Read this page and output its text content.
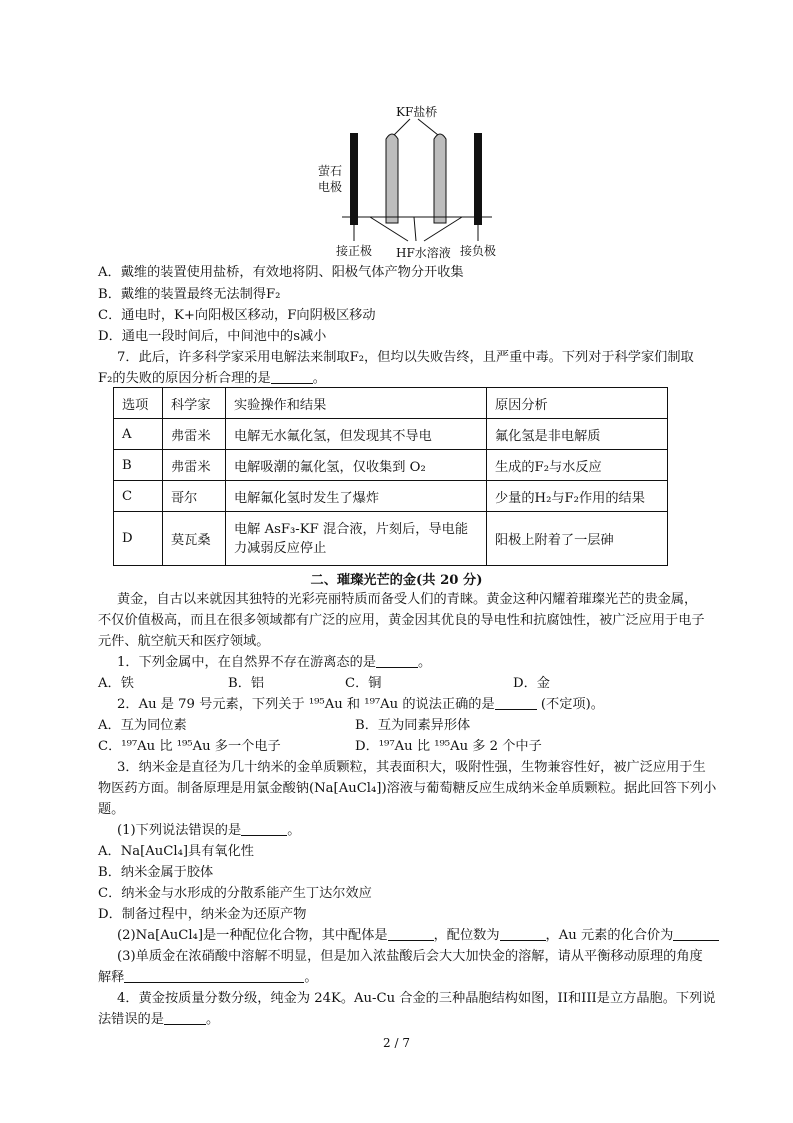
KF盐桥
萤石
电极
接正极 HF水溶液 接负极
A．戴维的装置使用盐桥，有效地将阴、阳极气体产物分开收集
B．戴维的装置最终无法制得F₂
C．通电时，K+向阳极区移动，F向阴极区移动
D．通电一段时间后，中间池中的s减小
7．此后，许多科学家采用电解法来制取F₂，但均以失败告终，且严重中毒。下列对于科学家们制取
F₂的失败的原因分析合理的是	。
选项	科学家	实验操作和结果	原因分析
A	弗雷米	电解无水氟化氢，但发现其不导电	氟化氢是非电解质
B	弗雷米	电解吸潮的氟化氢，仅收集到 O₂	生成的F₂与水反应
C	哥尔	电解氟化氢时发生了爆炸	少量的H₂与F₂作用的结果
D	莫瓦桑	电解 AsF₃-KF 混合液，片刻后，导电能力减弱反应停止	阳极上附着了一层砷
二、璀璨光芒的金(共 20 分)
黄金，自古以来就因其独特的光彩亮丽特质而备受人们的青睐。黄金这种闪耀着璀璨光芒的贵金属，
不仅价值极高，而且在很多领域都有广泛的应用，黄金因其优良的导电性和抗腐蚀性，被广泛应用于电子
元件、航空航天和医疗领域。
1．下列金属中，在自然界不存在游离态的是	。
A．铁	B．铝	C．铜	D．金
2．Au 是 79 号元素，下列关于 ¹⁹⁵Au 和 ¹⁹⁷Au 的说法正确的是	(不定项)。
A．互为同位素	B．互为同素异形体
C．¹⁹⁷Au 比 ¹⁹⁵Au 多一个电子	D．¹⁹⁷Au 比 ¹⁹⁵Au 多 2 个中子
3．纳米金是直径为几十纳米的金单质颗粒，其表面积大，吸附性强，生物兼容性好，被广泛应用于生
物医药方面。制备原理是用氯金酸钠(Na[AuCl₄])溶液与葡萄糖反应生成纳米金单质颗粒。据此回答下列小
题。
(1)下列说法错误的是	。
A．Na[AuCl₄]具有氧化性
B．纳米金属于胶体
C．纳米金与水形成的分散系能产生丁达尔效应
D．制备过程中，纳米金为还原产物
(2)Na[AuCl₄]是一种配位化合物，其中配体是	，配位数为	，Au 元素的化合价为
(3)单质金在浓硝酸中溶解不明显，但是加入浓盐酸后会大大加快金的溶解，请从平衡移动原理的角度
解释	。
4．黄金按质量分数分级，纯金为 24K。Au-Cu 合金的三种晶胞结构如图，II和III是立方晶胞。下列说
法错误的是	。
2 / 7
